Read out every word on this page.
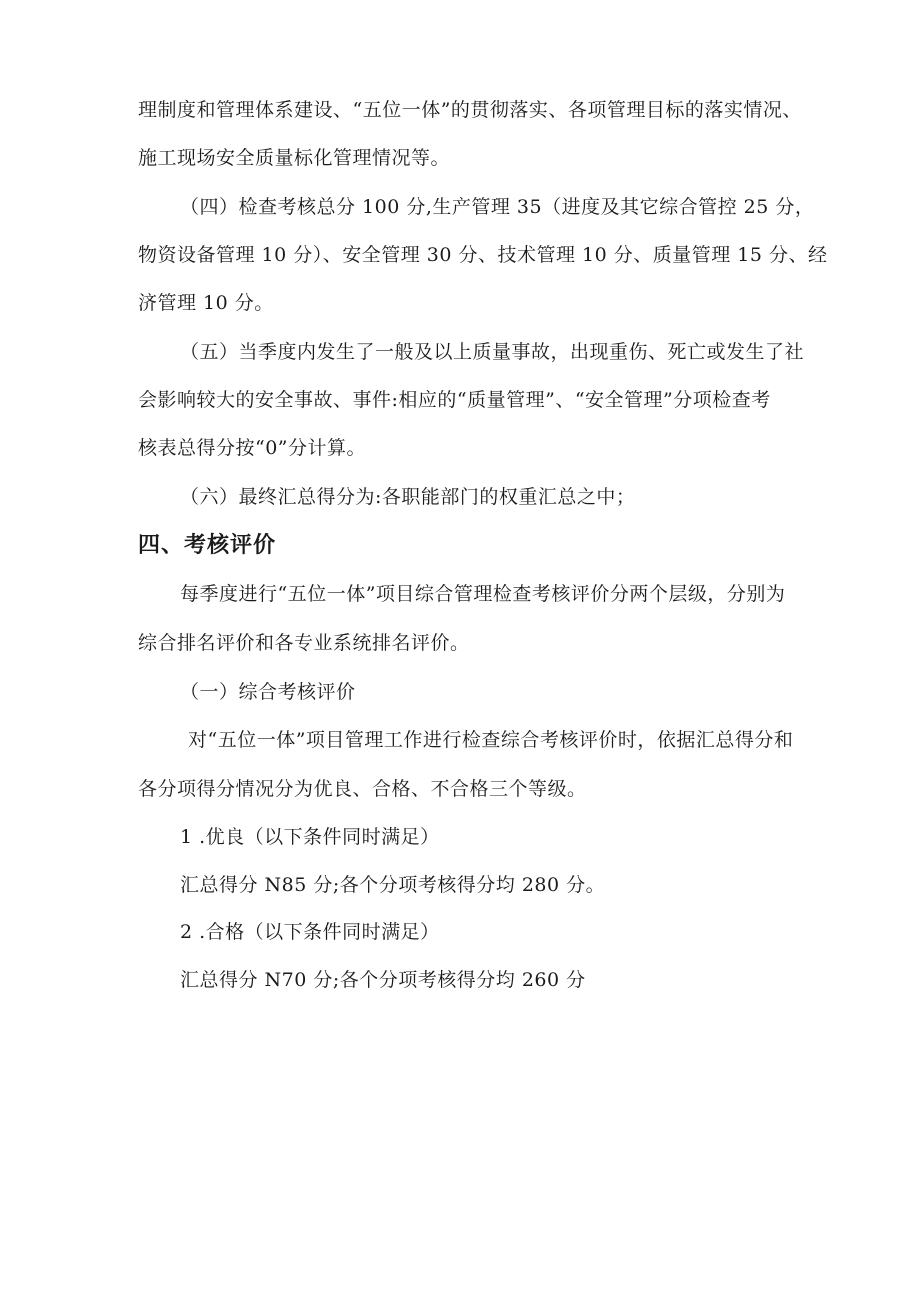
理制度和管理体系建设、“五位一体”的贯彻落实、各项管理目标的落实情况、

施工现场安全质量标化管理情况等。

（四）检查考核总分 100 分,生产管理 35（进度及其它综合管控 25 分，

物资设备管理 10 分）、安全管理 30 分、技术管理 10 分、质量管理 15 分、经

济管理 10 分。

（五）当季度内发生了一般及以上质量事故，出现重伤、死亡或发生了社

会影响较大的安全事故、事件:相应的“质量管理”、“安全管理”分项检查考

核表总得分按“0”分计算。

（六）最终汇总得分为:各职能部门的权重汇总之中；

四、考核评价

每季度进行“五位一体”项目综合管理检查考核评价分两个层级，分别为

综合排名评价和各专业系统排名评价。

（一）综合考核评价

对“五位一体”项目管理工作进行检查综合考核评价时，依据汇总得分和

各分项得分情况分为优良、合格、不合格三个等级。

1 .优良（以下条件同时满足）

汇总得分 N85 分;各个分项考核得分均 280 分。

2 .合格（以下条件同时满足）

汇总得分 N70 分;各个分项考核得分均 260 分
